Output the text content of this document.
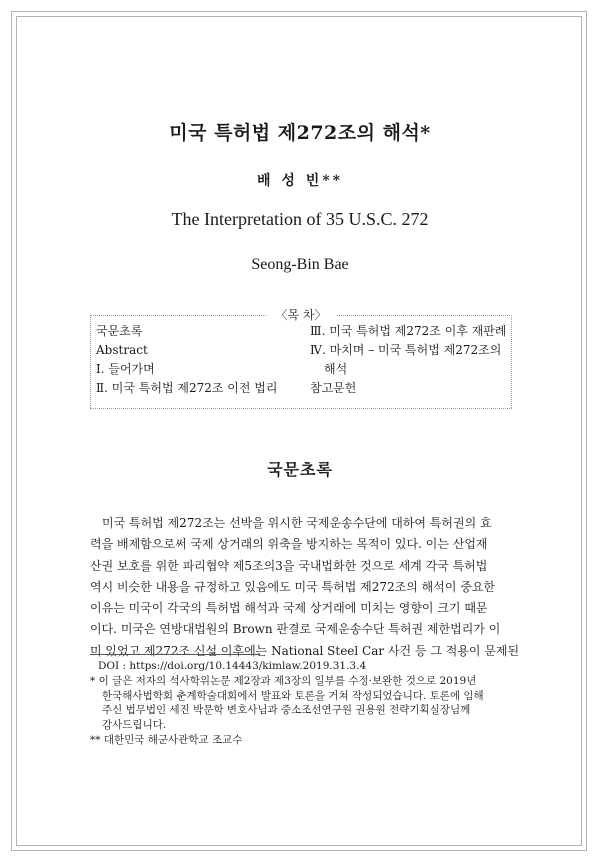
미국 특허법 제272조의 해석*
배 성 빈**
The Interpretation of 35 U.S.C. 272
Seong-Bin Bae
〈목 차〉
국문초록
Abstract
Ⅰ. 들어가며
Ⅱ. 미국 특허법 제272조 이전 법리
Ⅲ. 미국 특허법 제272조 이후 재판례
Ⅳ. 마치며 – 미국 특허법 제272조의
해석
참고문헌
국문초록
미국 특허법 제272조는 선박을 위시한 국제운송수단에 대하여 특허권의 효
력을 배제함으로써 국제 상거래의 위축을 방지하는 목적이 있다. 이는 산업재
산권 보호를 위한 파리협약 제5조의3을 국내법화한 것으로 세계 각국 특허법
역시 비슷한 내용을 규정하고 있음에도 미국 특허법 제272조의 해석이 중요한
이유는 미국이 각국의 특허법 해석과 국제 상거래에 미치는 영향이 크기 때문
이다. 미국은 연방대법원의 Brown 판결로 국제운송수단 특허권 제한법리가 이
미 있었고 제272조 신설 이후에는 National Steel Car 사건 등 그 적용이 문제된
DOI : https://doi.org/10.14443/kimlaw.2019.31.3.4
* 이 글은 저자의 석사학위논문 제2장과 제3장의 일부를 수정·보완한 것으로 2019년
한국해사법학회 춘계학술대회에서 발표와 토론을 거쳐 작성되었습니다. 토론에 임해
주신 법무법인 세진 박문학 변호사님과 중소조선연구원 권용원 전략기획실장님께
감사드립니다.
** 대한민국 해군사관학교 조교수
